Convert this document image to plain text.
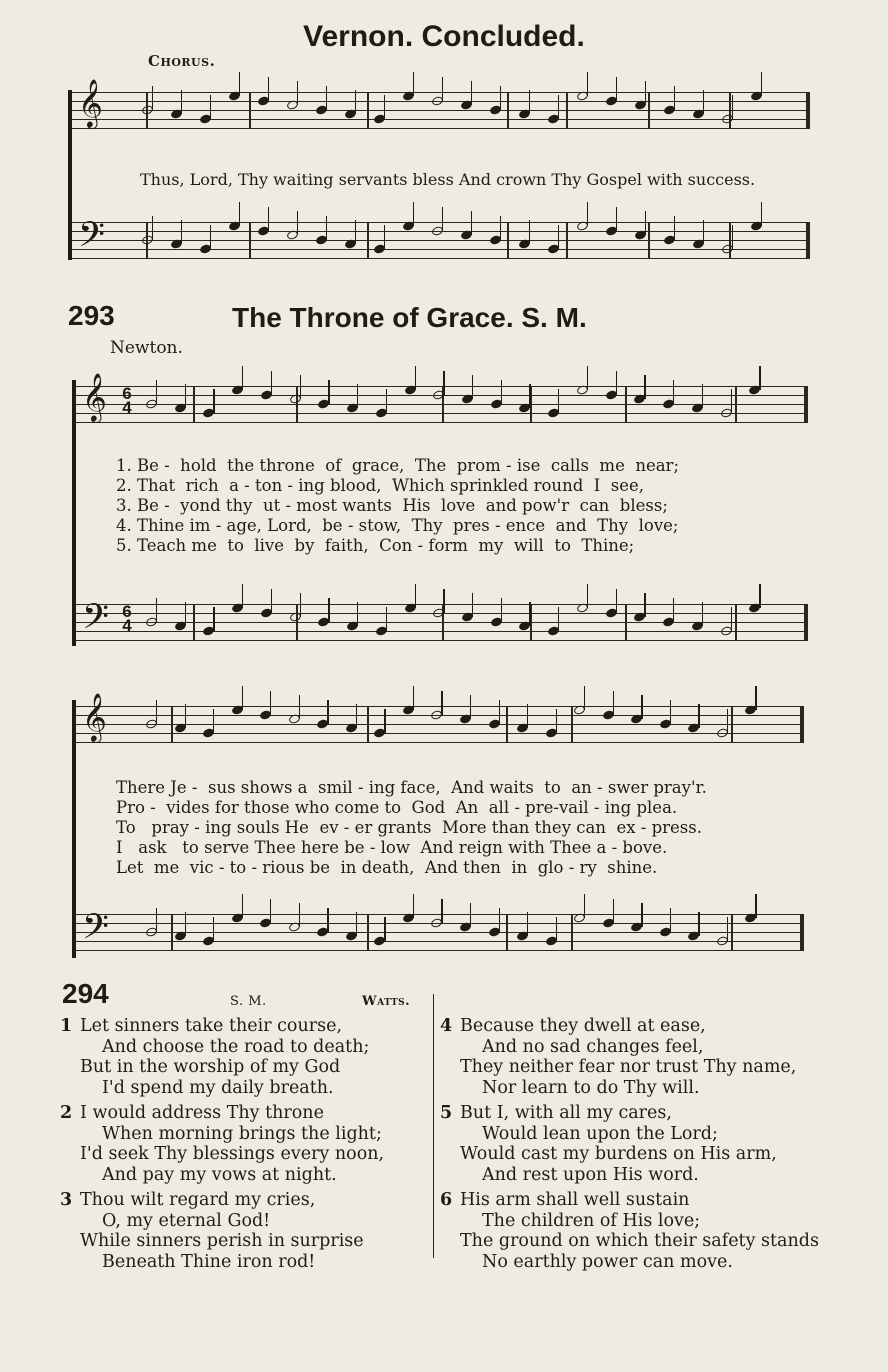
Vernon. Concluded.
Chorus.
𝄞
Thus, Lord, Thy waiting servants bless And crown Thy Gospel with success.
𝄢
293	The Throne of Grace. S. M.
Newton.
𝄞 6
4
1. Be -  hold  the throne  of  grace,  The  prom - ise  calls  me  near;
2. That  rich  a - ton - ing blood,  Which sprinkled round  I  see,
3. Be -  yond thy  ut - most wants  His  love  and pow'r  can  bless;
4. Thine im - age, Lord,  be - stow,  Thy  pres - ence  and  Thy  love;
5. Teach me  to  live  by  faith,  Con - form  my  will  to  Thine;
𝄢 6
4
𝄞
There Je -  sus shows a  smil - ing face,  And waits  to  an - swer pray'r.
Pro -  vides for those who come to  God  An  all - pre-vail - ing plea.
To   pray - ing souls He  ev - er grants  More than they can  ex - press.
I   ask   to serve Thee here be - low  And reign with Thee a - bove.
Let  me  vic - to - rious be  in death,  And then  in  glo - ry  shine.
𝄢
294	S. M.	Watts.
1 Let sinners take their course,
And choose the road to death;
But in the worship of my God
I'd spend my daily breath.
2 I would address Thy throne
When morning brings the light;
I'd seek Thy blessings every noon,
And pay my vows at night.
3 Thou wilt regard my cries,
O, my eternal God!
While sinners perish in surprise
Beneath Thine iron rod!
4 Because they dwell at ease,
And no sad changes feel,
They neither fear nor trust Thy name,
Nor learn to do Thy will.
5 But I, with all my cares,
Would lean upon the Lord;
Would cast my burdens on His arm,
And rest upon His word.
6 His arm shall well sustain
The children of His love;
The ground on which their safety stands
No earthly power can move.
